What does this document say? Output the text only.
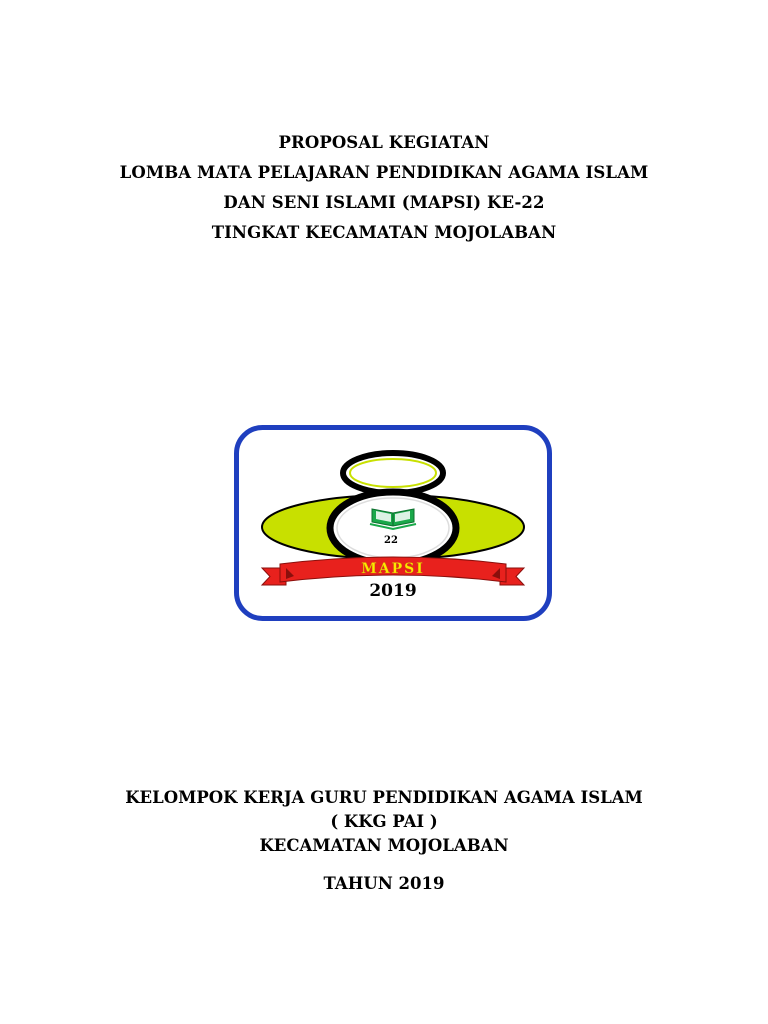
PROPOSAL KEGIATAN
LOMBA MATA PELAJARAN PENDIDIKAN AGAMA ISLAM
DAN SENI ISLAMI (MAPSI) KE-22
TINGKAT KECAMATAN MOJOLABAN
22
MAPSI
2019
KELOMPOK KERJA GURU PENDIDIKAN AGAMA ISLAM
( KKG PAI )
KECAMATAN MOJOLABAN
TAHUN 2019
